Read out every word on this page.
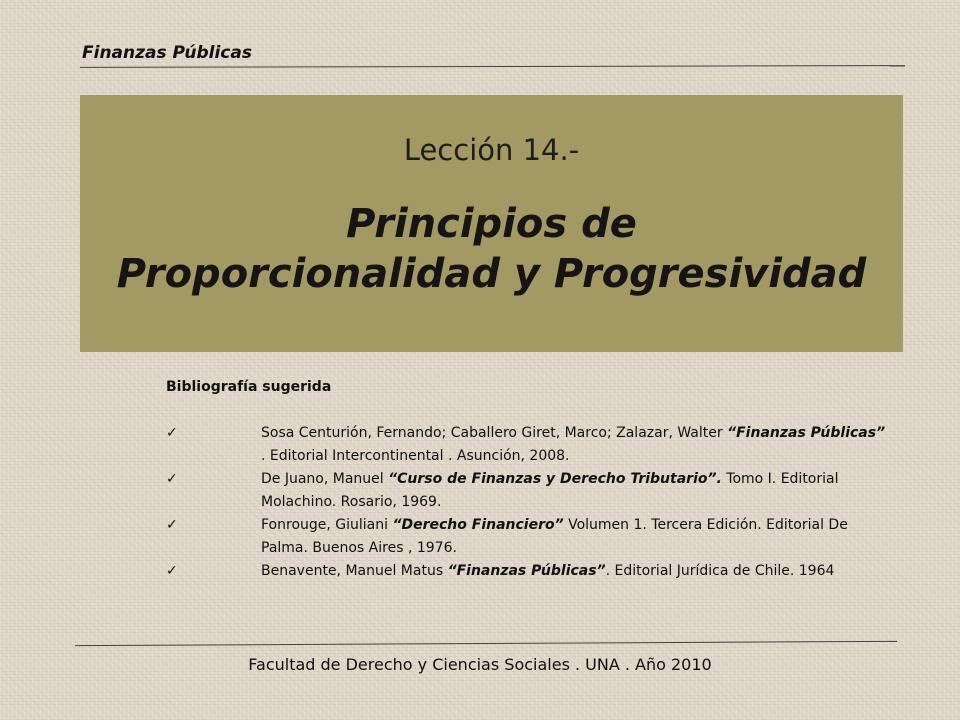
Finanzas Públicas
Lección 14.-
Principios de
Proporcionalidad y Progresividad
Bibliografía sugerida
✓	Sosa Centurión, Fernando; Caballero Giret, Marco; Zalazar, Walter “Finanzas Públicas” . Editorial Intercontinental . Asunción, 2008.
✓	De Juano, Manuel “Curso de Finanzas y Derecho Tributario”. Tomo I. Editorial Molachino. Rosario, 1969.
✓	Fonrouge, Giuliani “Derecho Financiero” Volumen 1. Tercera Edición. Editorial De Palma. Buenos Aires , 1976.
✓	Benavente, Manuel Matus “Finanzas Públicas”. Editorial Jurídica de Chile. 1964
Facultad de Derecho y Ciencias Sociales . UNA . Año 2010
